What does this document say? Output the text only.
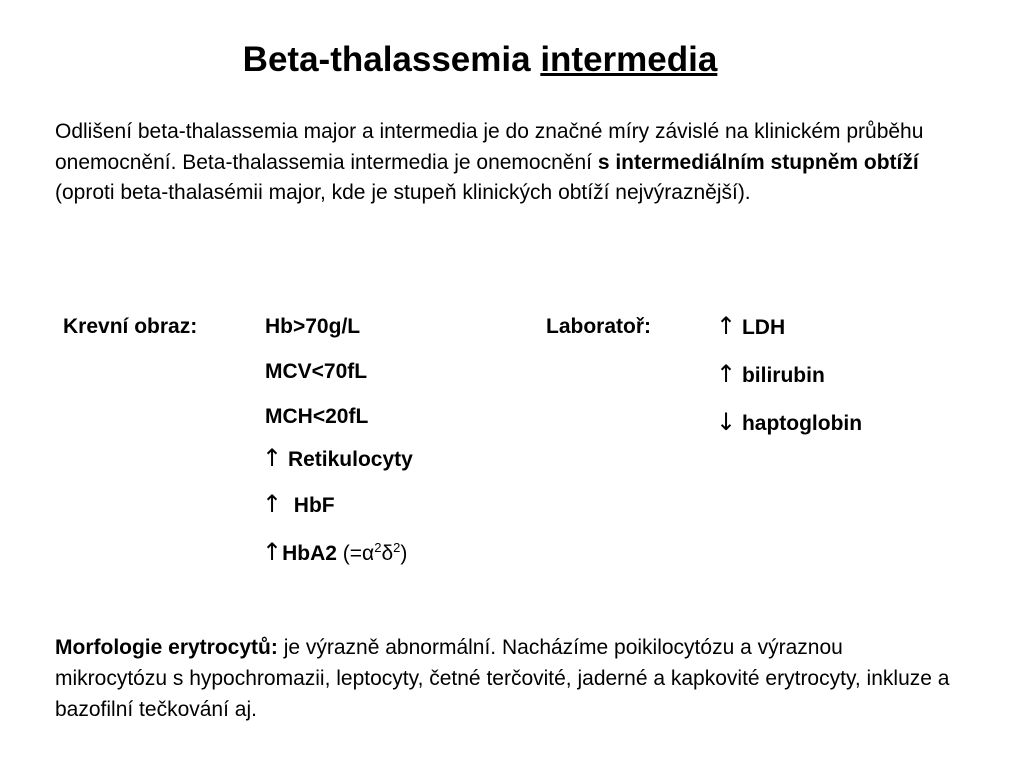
Beta-thalassemia intermedia
Odlišení beta-thalassemia major a intermedia je do značné míry závislé na klinickém průběhu onemocnění. Beta-thalassemia intermedia je onemocnění s intermediálním stupněm obtíží (oproti beta-thalasémii major, kde je stupeň klinických obtíží nejvýraznější).
Krevní obraz:	Hb>70g/L
MCV<70fL
MCH<20fL
↑ Retikulocyty
↑ HbF
↑HbA2 $(=\alpha^2\delta^2)$
Laboratoř:	↑ LDH
↑ bilirubin
↓ haptoglobin
Morfologie erytrocytů: je výrazně abnormální. Nacházíme poikilocytózu a výraznou mikrocytózu s hypochromazii, leptocyty, četné terčovité, jaderné a kapkovité erytrocyty, inkluze a bazofilní tečkování aj.
